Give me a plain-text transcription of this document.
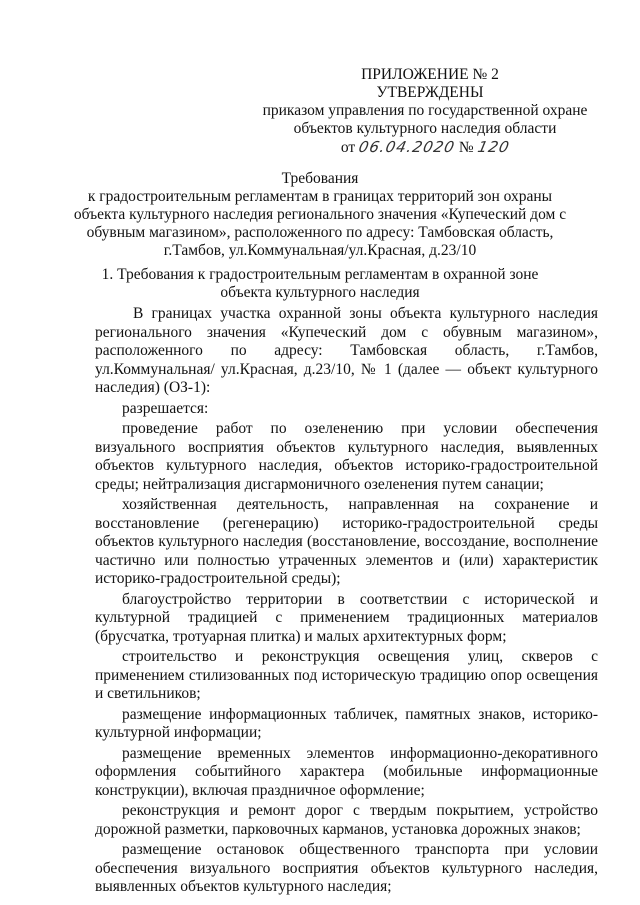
ПРИЛОЖЕНИЕ № 2
УТВЕРЖДЕНЫ
приказом управления по государственной охране
объектов культурного наследия области
от 06.04.2020 № 120
Требования
к градостроительным регламентам в границах территорий зон охраны
объекта культурного наследия регионального значения «Купеческий дом с
обувным магазином», расположенного по адресу: Тамбовская область,
г.Тамбов, ул.Коммунальная/ул.Красная, д.23/10
1. Требования к градостроительным регламентам в охранной зоне
объекта культурного наследия

В границах участка охранной зоны объекта культурного наследия регионального значения «Купеческий дом с обувным магазином», расположенного по адресу: Тамбовская область, г.Тамбов, ул.Коммунальная/ ул.Красная, д.23/10, № 1 (далее — объект культурного наследия) (ОЗ-1):

разрешается:

проведение работ по озеленению при условии обеспечения визуального восприятия объектов культурного наследия, выявленных объектов культурного наследия, объектов историко-градостроительной среды; нейтрализация дисгармоничного озеленения путем санации;

хозяйственная деятельность, направленная на сохранение и восстановление (регенерацию) историко-градостроительной среды объектов культурного наследия (восстановление, воссоздание, восполнение частично или полностью утраченных элементов и (или) характеристик историко-градостроительной среды);

благоустройство территории в соответствии с исторической и культурной традицией с применением традиционных материалов (брусчатка, тротуарная плитка) и малых архитектурных форм;

строительство и реконструкция освещения улиц, скверов с применением стилизованных под историческую традицию опор освещения и светильников;

размещение информационных табличек, памятных знаков, историко-культурной информации;

размещение временных элементов информационно-декоративного оформления событийного характера (мобильные информационные конструкции), включая праздничное оформление;

реконструкция и ремонт дорог с твердым покрытием, устройство дорожной разметки, парковочных карманов, установка дорожных знаков;

размещение остановок общественного транспорта при условии обеспечения визуального восприятия объектов культурного наследия, выявленных объектов культурного наследия;
